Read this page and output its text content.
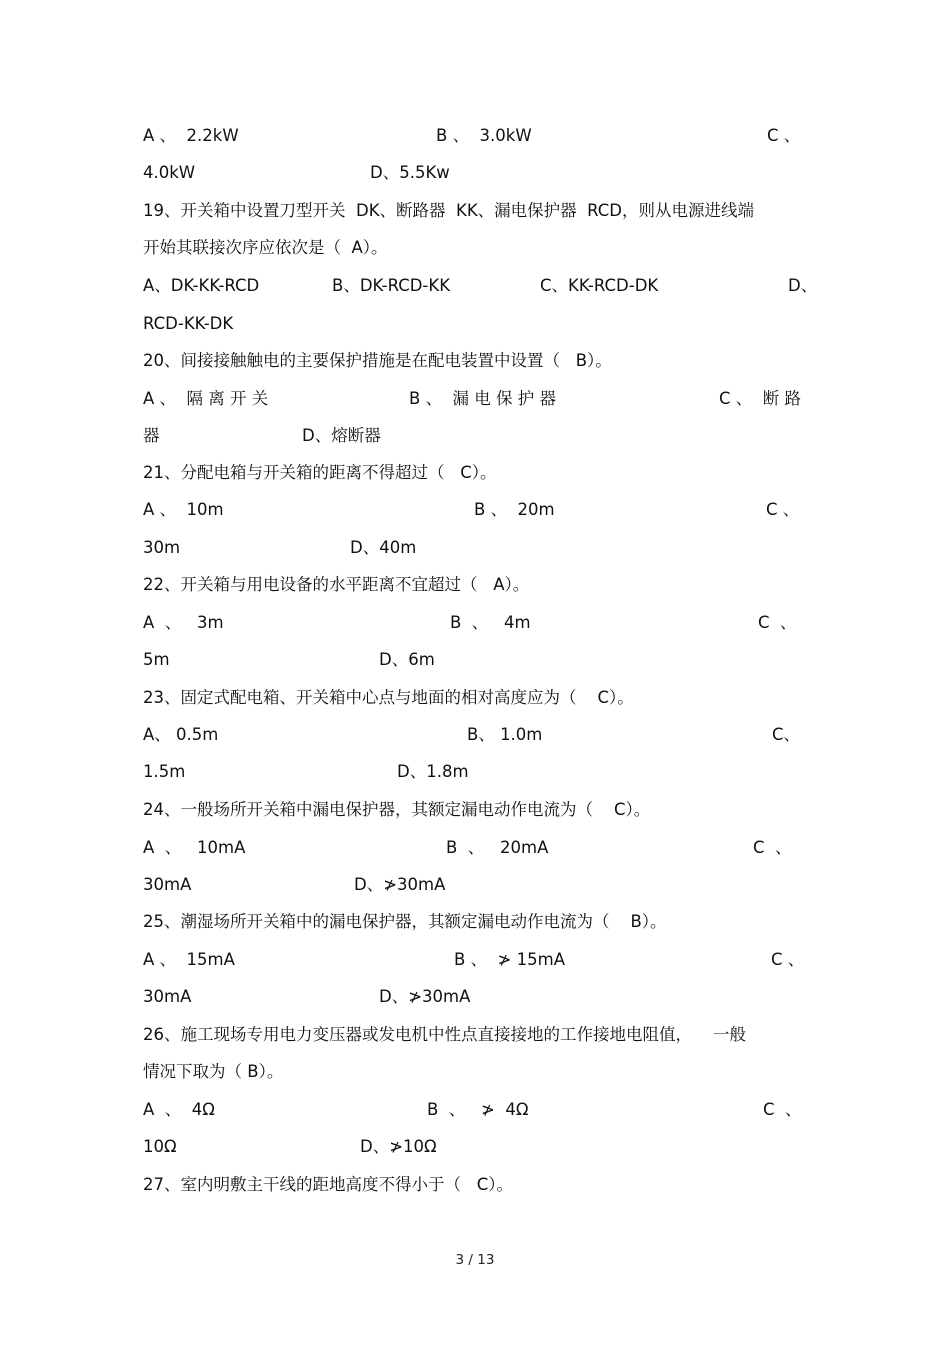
A 、  2.2kW	B 、  3.0kW	C 、
4.0kW	D、5.5Kw
19、开关箱中设置刀型开关  DK、断路器  KK、漏电保护器  RCD，则从电源进线端
开始其联接次序应依次是（  A）。
A、DK-KK-RCD	B、DK-RCD-KK	C、KK-RCD-DK	D、
RCD-KK-DK
20、间接接触触电的主要保护措施是在配电装置中设置（   B）。
A 、  隔 离 开 关	B 、  漏 电 保 护 器	C 、  断 路
器	D、熔断器
21、分配电箱与开关箱的距离不得超过（   C）。
A 、  10m	B 、  20m	C 、
30m	D、40m
22、开关箱与用电设备的水平距离不宜超过（   A）。
A  、   3m	B  、   4m	C  、
5m	D、6m
23、固定式配电箱、开关箱中心点与地面的相对高度应为（    C）。
A、 0.5m	B、 1.0m	C、
1.5m	D、1.8m
24、一般场所开关箱中漏电保护器，其额定漏电动作电流为（    C）。
A  、   10mA	B  、   20mA	C  、
30mA	D、≯30mA
25、潮湿场所开关箱中的漏电保护器，其额定漏电动作电流为（    B）。
A 、  15mA	B 、  ≯ 15mA	C 、
30mA	D、≯30mA
26、施工现场专用电力变压器或发电机中性点直接接地的工作接地电阻值，    一般
情况下取为（ B）。
A  、  4Ω	B  、   ≯  4Ω	C  、
10Ω	D、≯10Ω
27、室内明敷主干线的距地高度不得小于（   C）。
3 / 13
